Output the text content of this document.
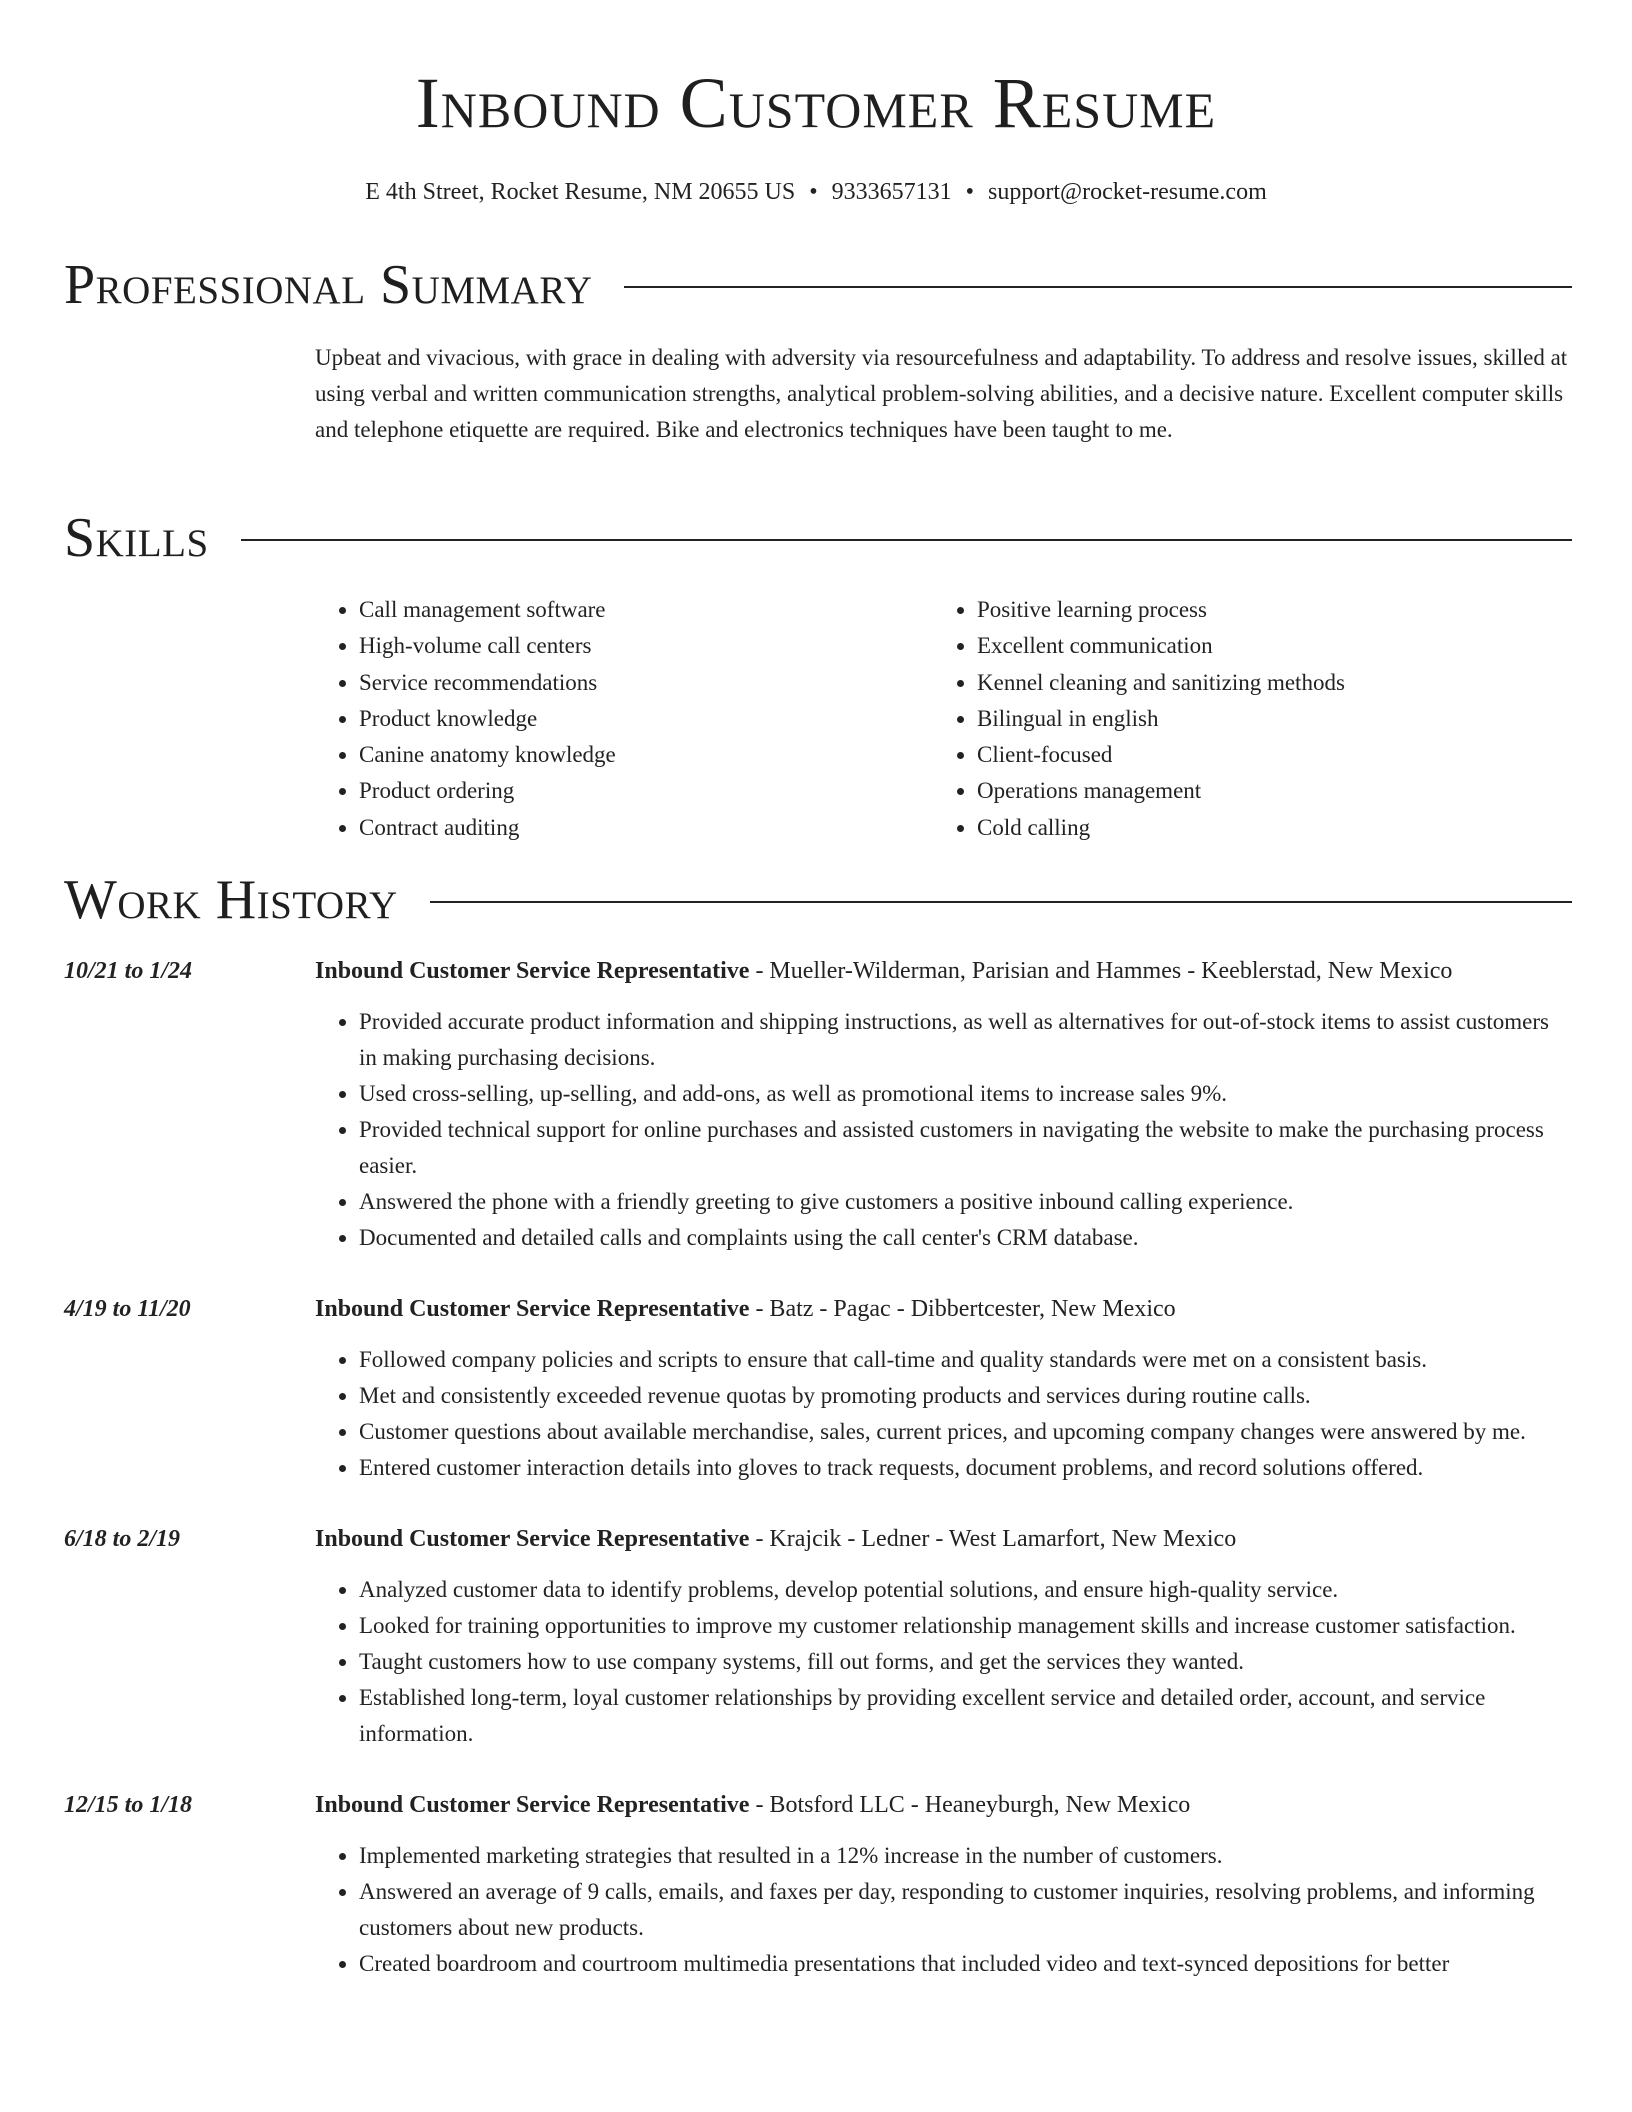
Inbound Customer Resume
E 4th Street, Rocket Resume, NM 20655 US • 9333657131 • support@rocket-resume.com
Professional Summary

Upbeat and vivacious, with grace in dealing with adversity via resourcefulness and adaptability. To address and resolve issues, skilled at using verbal and written communication strengths, analytical problem-solving abilities, and a decisive nature. Excellent computer skills and telephone etiquette are required. Bike and electronics techniques have been taught to me.

Skills
• Call management software
• High-volume call centers
• Service recommendations
• Product knowledge
• Canine anatomy knowledge
• Product ordering
• Contract auditing
• Positive learning process
• Excellent communication
• Kennel cleaning and sanitizing methods
• Bilingual in english
• Client-focused
• Operations management
• Cold calling
Work History
10/21 to 1/24	Inbound Customer Service Representative - Mueller-Wilderman, Parisian and Hammes - Keeblerstad, New Mexico
• Provided accurate product information and shipping instructions, as well as alternatives for out-of-stock items to assist customers in making purchasing decisions.
• Used cross-selling, up-selling, and add-ons, as well as promotional items to increase sales 9%.
• Provided technical support for online purchases and assisted customers in navigating the website to make the purchasing process easier.
• Answered the phone with a friendly greeting to give customers a positive inbound calling experience.
• Documented and detailed calls and complaints using the call center's CRM database.
4/19 to 11/20	Inbound Customer Service Representative - Batz - Pagac - Dibbertcester, New Mexico
• Followed company policies and scripts to ensure that call-time and quality standards were met on a consistent basis.
• Met and consistently exceeded revenue quotas by promoting products and services during routine calls.
• Customer questions about available merchandise, sales, current prices, and upcoming company changes were answered by me.
• Entered customer interaction details into gloves to track requests, document problems, and record solutions offered.
6/18 to 2/19	Inbound Customer Service Representative - Krajcik - Ledner - West Lamarfort, New Mexico
• Analyzed customer data to identify problems, develop potential solutions, and ensure high-quality service.
• Looked for training opportunities to improve my customer relationship management skills and increase customer satisfaction.
• Taught customers how to use company systems, fill out forms, and get the services they wanted.
• Established long-term, loyal customer relationships by providing excellent service and detailed order, account, and service information.
12/15 to 1/18	Inbound Customer Service Representative - Botsford LLC - Heaneyburgh, New Mexico
• Implemented marketing strategies that resulted in a 12% increase in the number of customers.
• Answered an average of 9 calls, emails, and faxes per day, responding to customer inquiries, resolving problems, and informing customers about new products.
• Created boardroom and courtroom multimedia presentations that included video and text-synced depositions for better
